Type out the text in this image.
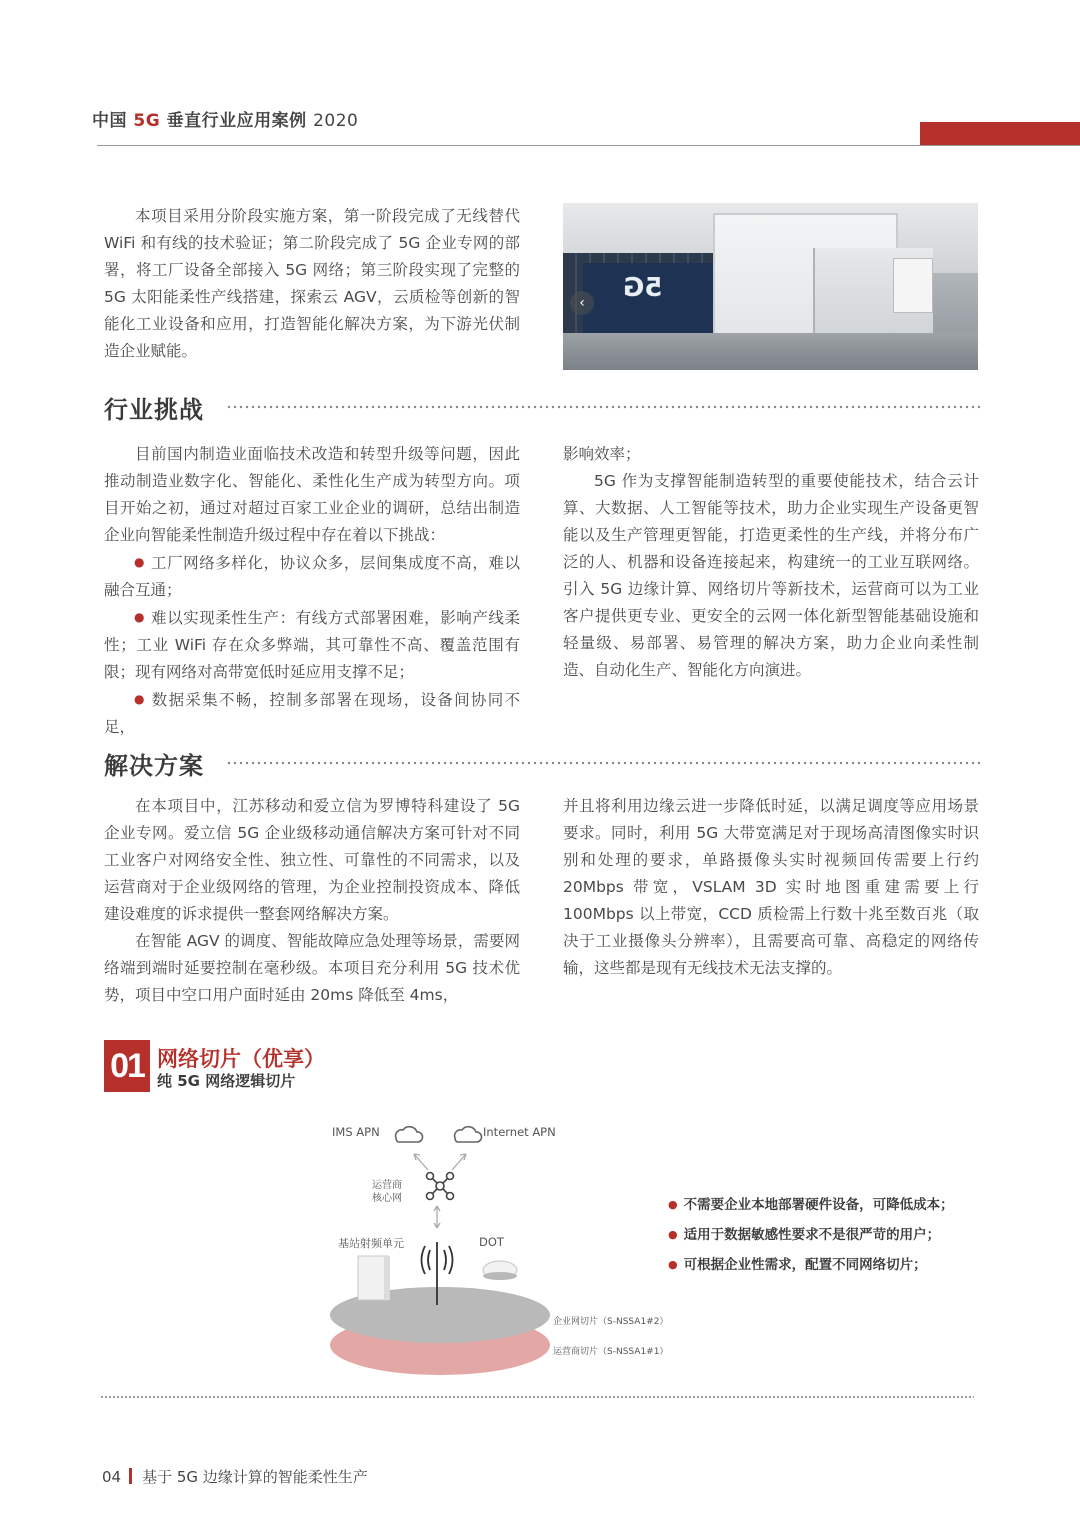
中国 5G 垂直行业应用案例 2020

本项目采用分阶段实施方案，第一阶段完成了无线替代 WiFi 和有线的技术验证；第二阶段完成了 5G 企业专网的部署，将工厂设备全部接入 5G 网络；第三阶段实现了完整的 5G 太阳能柔性产线搭建，探索云 AGV，云质检等创新的智能化工业设备和应用，打造智能化解决方案，为下游光伏制造企业赋能。

5G
‹
行业挑战

目前国内制造业面临技术改造和转型升级等问题，因此推动制造业数字化、智能化、柔性化生产成为转型方向。项目开始之初，通过对超过百家工业企业的调研，总结出制造企业向智能柔性制造升级过程中存在着以下挑战：

● 工厂网络多样化，协议众多，层间集成度不高，难以融合互通；

● 难以实现柔性生产：有线方式部署困难，影响产线柔性；工业 WiFi 存在众多弊端，其可靠性不高、覆盖范围有限；现有网络对高带宽低时延应用支撑不足；

● 数据采集不畅，控制多部署在现场，设备间协同不足，

影响效率；

5G 作为支撑智能制造转型的重要使能技术，结合云计算、大数据、人工智能等技术，助力企业实现生产设备更智能以及生产管理更智能，打造更柔性的生产线，并将分布广泛的人、机器和设备连接起来，构建统一的工业互联网络。引入 5G 边缘计算、网络切片等新技术，运营商可以为工业客户提供更专业、更安全的云网一体化新型智能基础设施和轻量级、易部署、易管理的解决方案，助力企业向柔性制造、自动化生产、智能化方向演进。

解决方案

在本项目中，江苏移动和爱立信为罗博特科建设了 5G 企业专网。爱立信 5G 企业级移动通信解决方案可针对不同工业客户对网络安全性、独立性、可靠性的不同需求，以及运营商对于企业级网络的管理，为企业控制投资成本、降低建设难度的诉求提供一整套网络解决方案。

在智能 AGV 的调度、智能故障应急处理等场景，需要网络端到端时延要控制在毫秒级。本项目充分利用 5G 技术优势，项目中空口用户面时延由 20ms 降低至 4ms，

并且将利用边缘云进一步降低时延，以满足调度等应用场景要求。同时，利用 5G 大带宽满足对于现场高清图像实时识别和处理的要求，单路摄像头实时视频回传需要上行约 20Mbps 带宽，VSLAM 3D 实时地图重建需要上行 100Mbps 以上带宽，CCD 质检需上行数十兆至数百兆（取决于工业摄像头分辨率），且需要高可靠、高稳定的网络传输，这些都是现有无线技术无法支撑的。

01 网络切片（优享）
纯 5G 网络逻辑切片
IMS APN	Internet APN
运营商
核心网
基站射频单元	DOT
企业网切片（S-NSSA1#2）
运营商切片（S-NSSA1#1）
● 不需要企业本地部署硬件设备，可降低成本；
● 适用于数据敏感性要求不是很严苛的用户；
● 可根据企业性需求，配置不同网络切片；
04 基于 5G 边缘计算的智能柔性生产
